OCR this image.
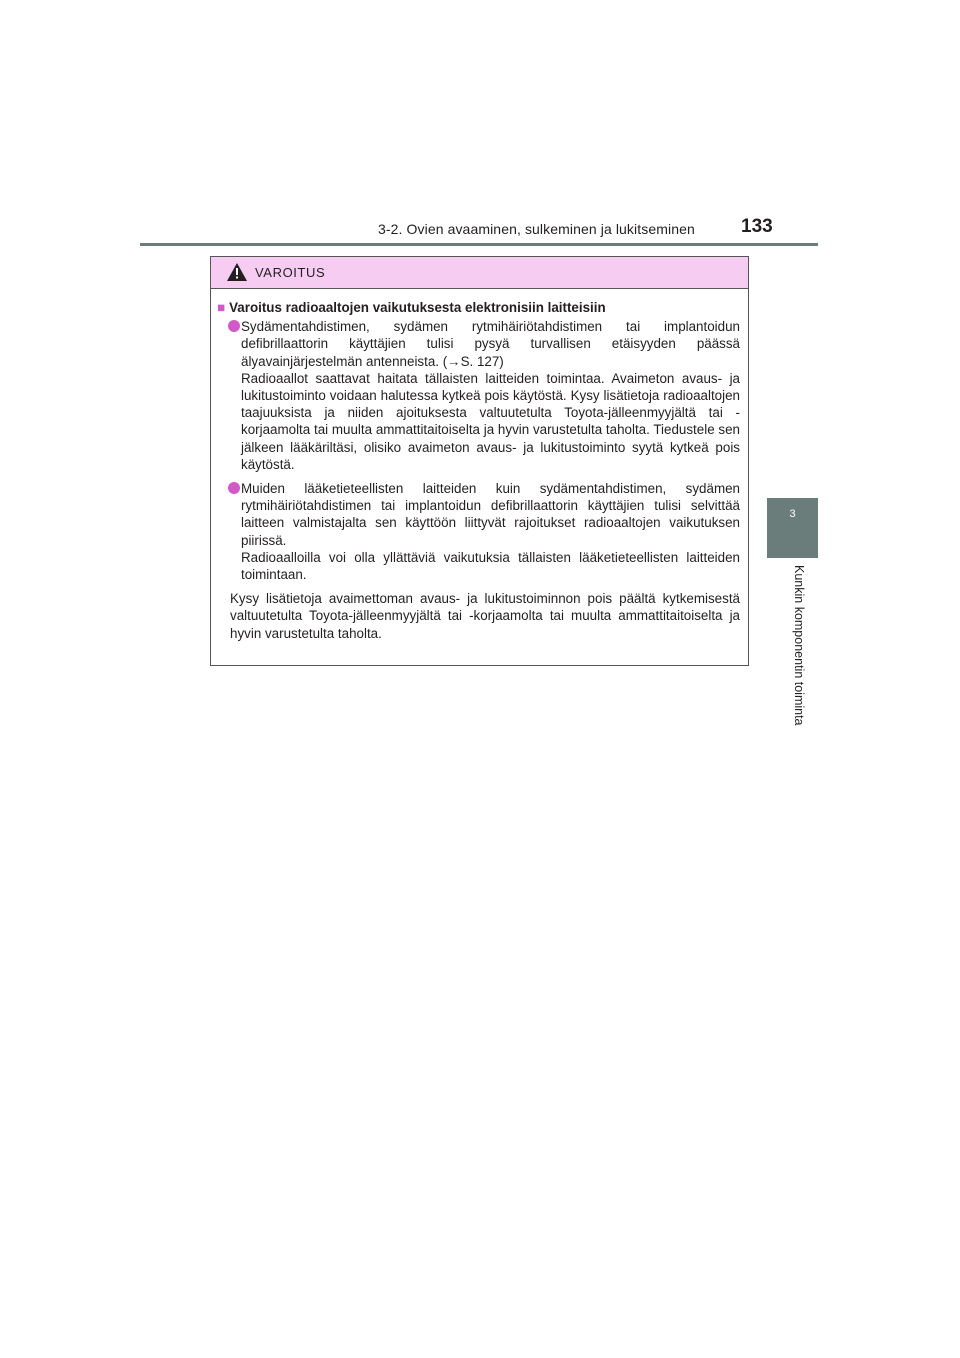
3-2. Ovien avaaminen, sulkeminen ja lukitseminen 133
3
Kunkin komponentin toiminta
VAROITUS
■ Varoitus radioaaltojen vaikutuksesta elektronisiin laitteisiin

Sydämentahdistimen, sydämen rytmihäiriötahdistimen tai implantoidun defibrillaattorin käyttäjien tulisi pysyä turvallisen etäisyyden päässä älyavainjärjestelmän antenneista. (→S. 127)

Radioaallot saattavat haitata tällaisten laitteiden toimintaa. Avaimeton avaus- ja lukitustoiminto voidaan halutessa kytkeä pois käytöstä. Kysy lisätietoja radioaaltojen taajuuksista ja niiden ajoituksesta valtuutetulta Toyota-jälleenmyyjältä tai -korjaamolta tai muulta ammattitaitoiselta ja hyvin varustetulta taholta. Tiedustele sen jälkeen lääkäriltäsi, olisiko avaimeton avaus- ja lukitustoiminto syytä kytkeä pois käytöstä.

Muiden lääketieteellisten laitteiden kuin sydämentahdistimen, sydämen rytmihäiriötahdistimen tai implantoidun defibrillaattorin käyttäjien tulisi selvittää laitteen valmistajalta sen käyttöön liittyvät rajoitukset radioaaltojen vaikutuksen piirissä.

Radioaalloilla voi olla yllättäviä vaikutuksia tällaisten lääketieteellisten laitteiden toimintaan.

Kysy lisätietoja avaimettoman avaus- ja lukitustoiminnon pois päältä kytkemisestä valtuutetulta Toyota-jälleenmyyjältä tai -korjaamolta tai muulta ammattitaitoiselta ja hyvin varustetulta taholta.
